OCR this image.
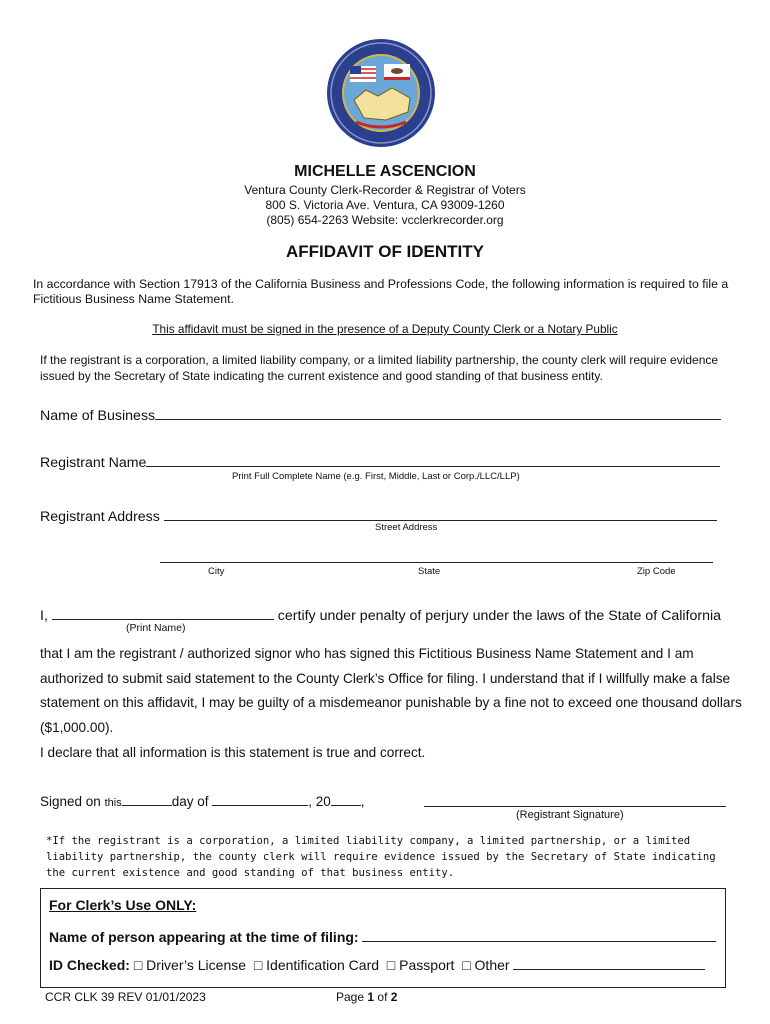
MICHELLE ASCENCION
Ventura County Clerk-Recorder & Registrar of Voters
800 S. Victoria Ave. Ventura, CA 93009-1260
(805) 654-2263 Website: vcclerkrecorder.org
AFFIDAVIT OF IDENTITY
In accordance with Section 17913 of the California Business and Professions Code, the following information is required to file a Fictitious Business Name Statement.
This affidavit must be signed in the presence of a Deputy County Clerk or a Notary Public
If the registrant is a corporation, a limited liability company, or a limited liability partnership, the county clerk will require evidence issued by the Secretary of State indicating the current existence and good standing of that business entity.
Name of Business
Registrant Name
Print Full Complete Name (e.g. First, Middle, Last or Corp./LLC/LLP)
Registrant Address
Street Address
City	State	Zip Code
I,	certify under penalty of perjury under the laws of the State of California
(Print Name)
that I am the registrant / authorized signor who has signed this Fictitious Business Name Statement and I am
authorized to submit said statement to the County Clerk’s Office for filing. I understand that if I willfully make a false
statement on this affidavit, I may be guilty of a misdemeanor punishable by a fine not to exceed one thousand dollars
($1,000.00).
I declare that all information is this statement is true and correct.
Signed on this	day of	, 20 ,
(Registrant Signature)
*If the registrant is a corporation, a limited liability company, a limited partnership, or a limited liability partnership, the county clerk will require evidence issued by the Secretary of State indicating the current existence and good standing of that business entity.
For Clerk’s Use ONLY:
Name of person appearing at the time of filing:
ID Checked: □ Driver’s License □ Identification Card □ Passport □ Other
CCR CLK 39 REV 01/01/2023	Page 1 of 2
